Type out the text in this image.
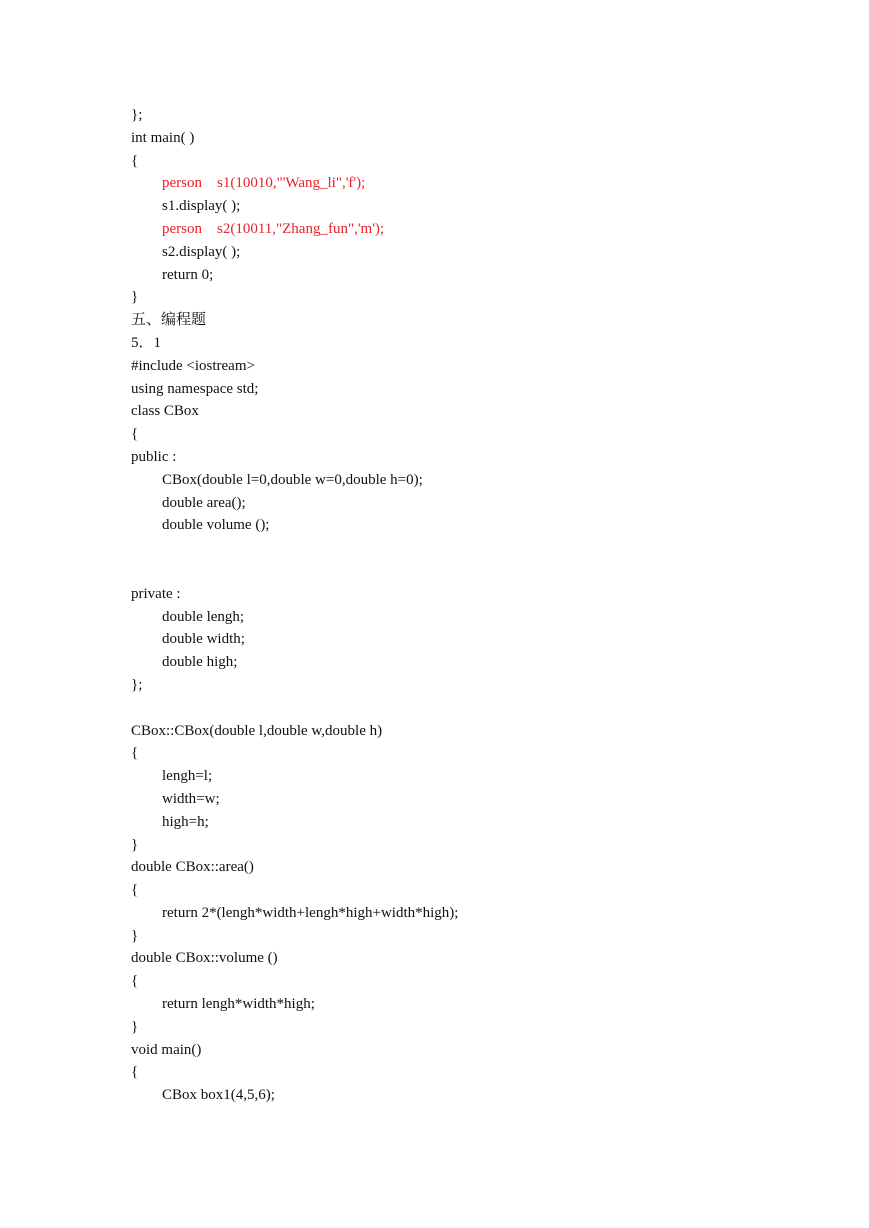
};
int main( )
{
person    s1(10010,"'Wang_li",'f');
s1.display( );
person    s2(10011,"Zhang_fun",'m');
s2.display( );
return 0;
}
五、编程题
5．1
#include <iostream>
using namespace std;
class CBox
{
public :
CBox(double l=0,double w=0,double h=0);
double area();
double volume ();
private :
double lengh;
double width;
double high;
};
CBox::CBox(double l,double w,double h)
{
lengh=l;
width=w;
high=h;
}
double CBox::area()
{
return 2*(lengh*width+lengh*high+width*high);
}
double CBox::volume ()
{
return lengh*width*high;
}
void main()
{
CBox box1(4,5,6);
